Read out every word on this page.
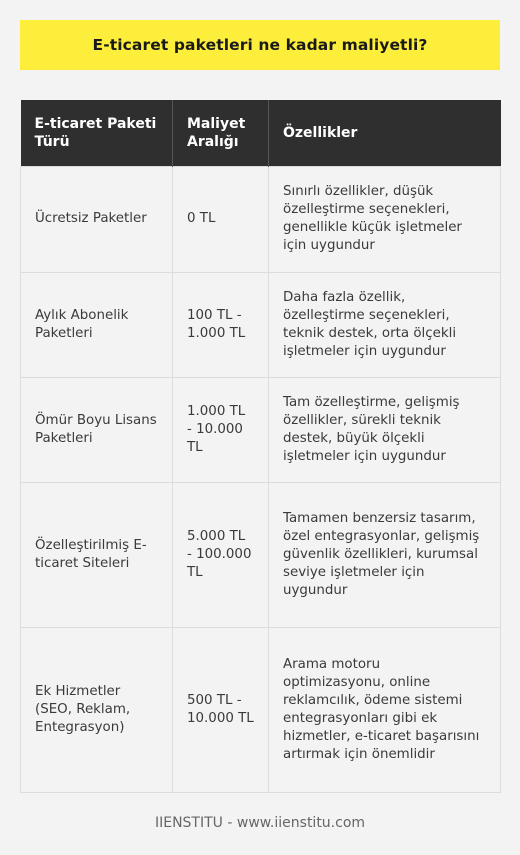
E-ticaret paketleri ne kadar maliyetli?
E-ticaret Paketi Türü	Maliyet Aralığı	Özellikler
Ücretsiz Paketler	0 TL	Sınırlı özellikler, düşük özelleştirme seçenekleri, genellikle küçük işletmeler için uygundur
Aylık Abonelik Paketleri	100 TL - 1.000 TL	Daha fazla özellik, özelleştirme seçenekleri, teknik destek, orta ölçekli işletmeler için uygundur
Ömür Boyu Lisans Paketleri	1.000 TL - 10.000 TL	Tam özelleştirme, gelişmiş özellikler, sürekli teknik destek, büyük ölçekli işletmeler için uygundur
Özelleştirilmiş E-ticaret Siteleri	5.000 TL - 100.000 TL	Tamamen benzersiz tasarım, özel entegrasyonlar, gelişmiş güvenlik özellikleri, kurumsal seviye işletmeler için uygundur
Ek Hizmetler (SEO, Reklam, Entegrasyon)	500 TL - 10.000 TL	Arama motoru optimizasyonu, online reklamcılık, ödeme sistemi entegrasyonları gibi ek hizmetler, e-ticaret başarısını artırmak için önemlidir
IIENSTITU - www.iienstitu.com
